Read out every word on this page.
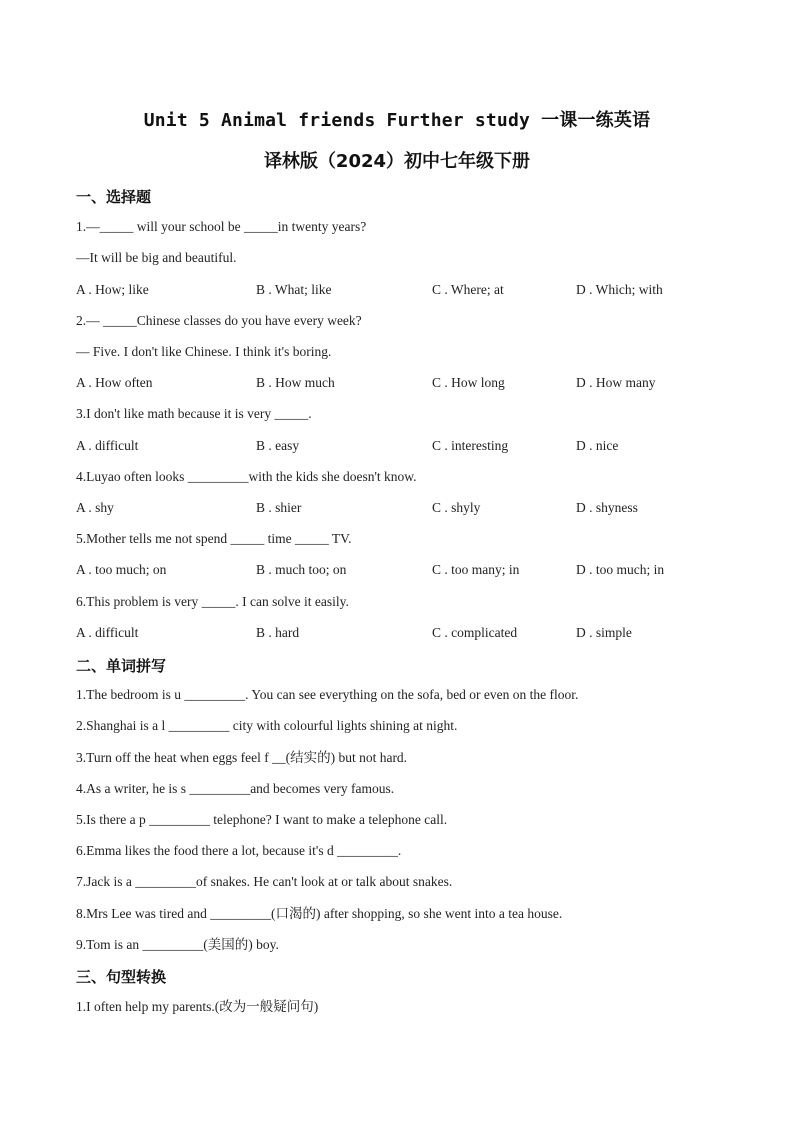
Unit 5 Animal friends Further study 一课一练英语
译林版（2024）初中七年级下册
一、选择题
1.—_____ will your school be _____in twenty years?
—It will be big and beautiful.
A . How; like	B . What; like	C . Where; at	D . Which; with
2.— _____Chinese classes do you have every week?
— Five. I don't like Chinese. I think it's boring.
A . How often	B . How much	C . How long	D . How many
3.I don't like math because it is very _____.
A . difficult	B . easy	C . interesting	D . nice
4.Luyao often looks _________with the kids she doesn't know.
A . shy	B . shier	C . shyly	D . shyness
5.Mother tells me not spend _____ time _____ TV.
A . too much; on	B . much too; on	C . too many; in	D . too much; in
6.This problem is very _____. I can solve it easily.
A . difficult	B . hard	C . complicated	D . simple
二、单词拼写
1.The bedroom is u _________. You can see everything on the sofa, bed or even on the floor.
2.Shanghai is a l _________ city with colourful lights shining at night.
3.Turn off the heat when eggs feel f __(结实的) but not hard.
4.As a writer, he is s _________and becomes very famous.
5.Is there a p _________ telephone? I want to make a telephone call.
6.Emma likes the food there a lot, because it's d _________.
7.Jack is a _________of snakes. He can't look at or talk about snakes.
8.Mrs Lee was tired and _________(口渴的) after shopping, so she went into a tea house.
9.Tom is an _________(美国的) boy.
三、句型转换
1.I often help my parents.(改为一般疑问句)
